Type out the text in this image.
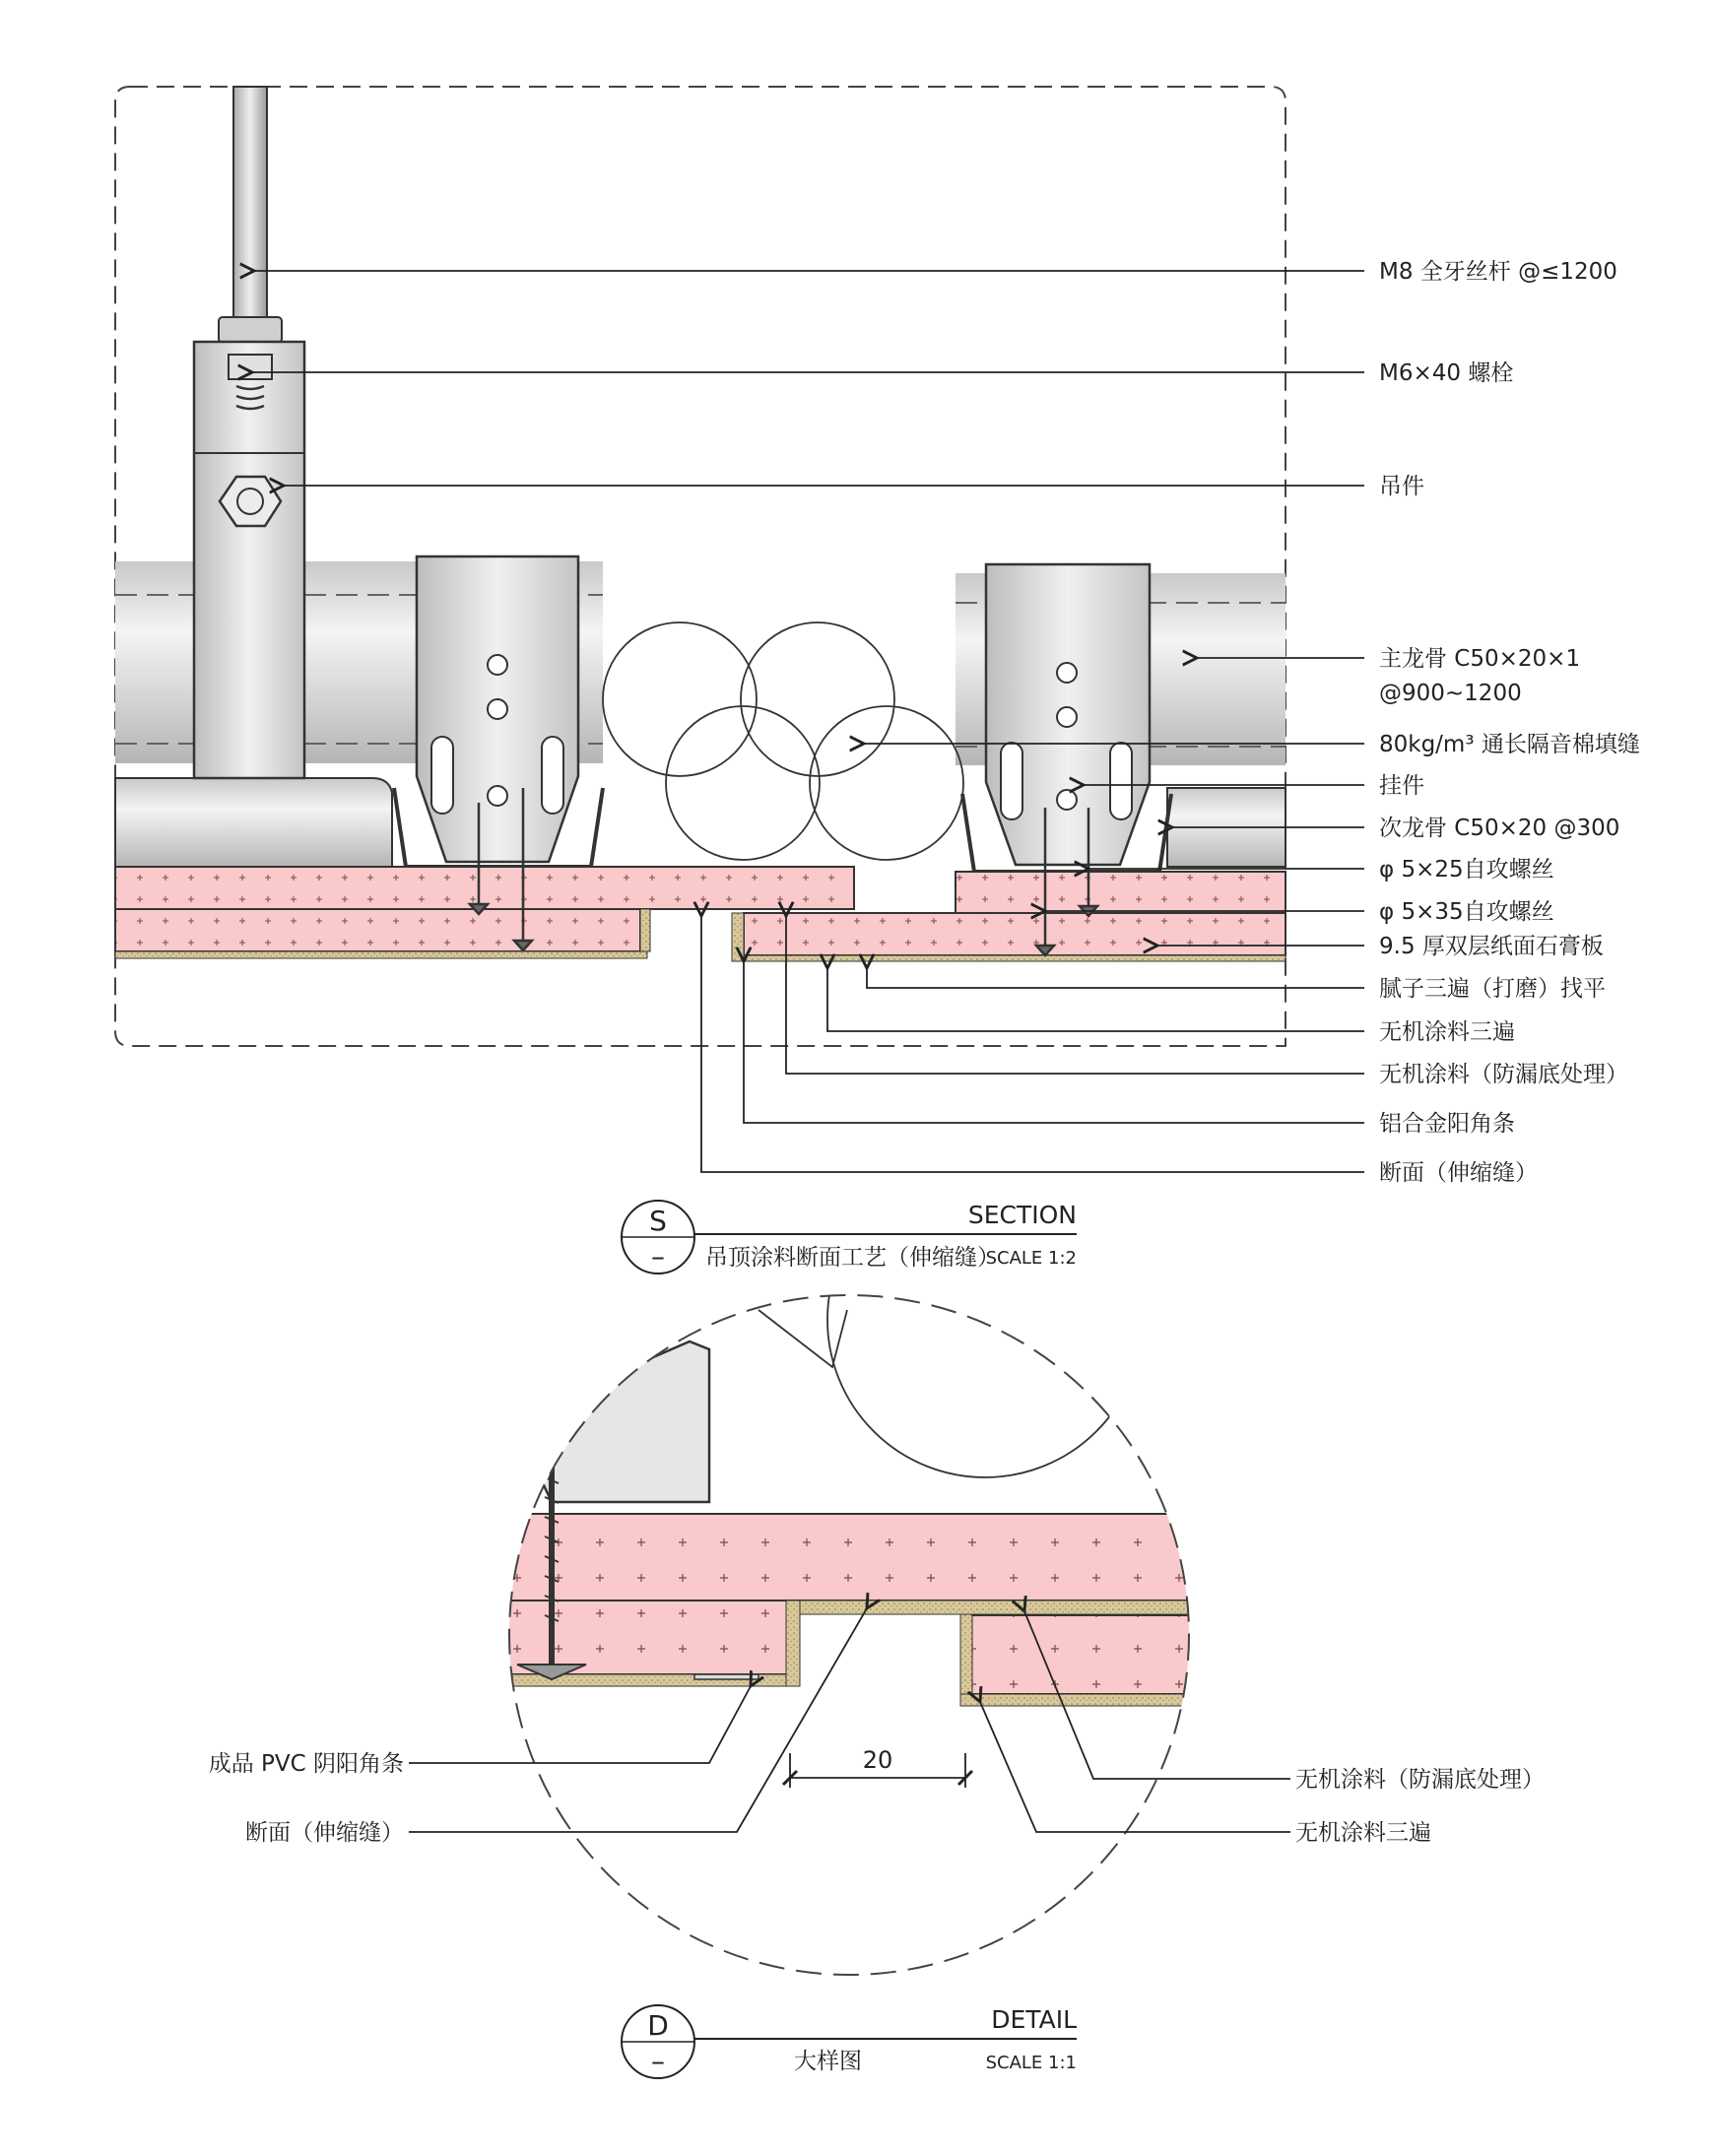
M8 全牙丝杆 @≤1200
M6×40 螺栓
吊件
主龙骨 C50×20×1
@900~1200
80kg/m³ 通长隔音棉填缝
挂件
次龙骨 C50×20 @300
φ 5×25自攻螺丝
φ 5×35自攻螺丝
9.5 厚双层纸面石膏板
腻子三遍（打磨）找平
无机涂料三遍
无机涂料（防漏底处理）
铝合金阳角条
断面（伸缩缝）
S
–
SECTION
吊顶涂料断面工艺（伸缩缝）
SCALE 1:2
20
成品 PVC 阴阳角条
断面（伸缩缝）
无机涂料（防漏底处理）
无机涂料三遍
D
–
DETAIL
大样图	SCALE 1:1
